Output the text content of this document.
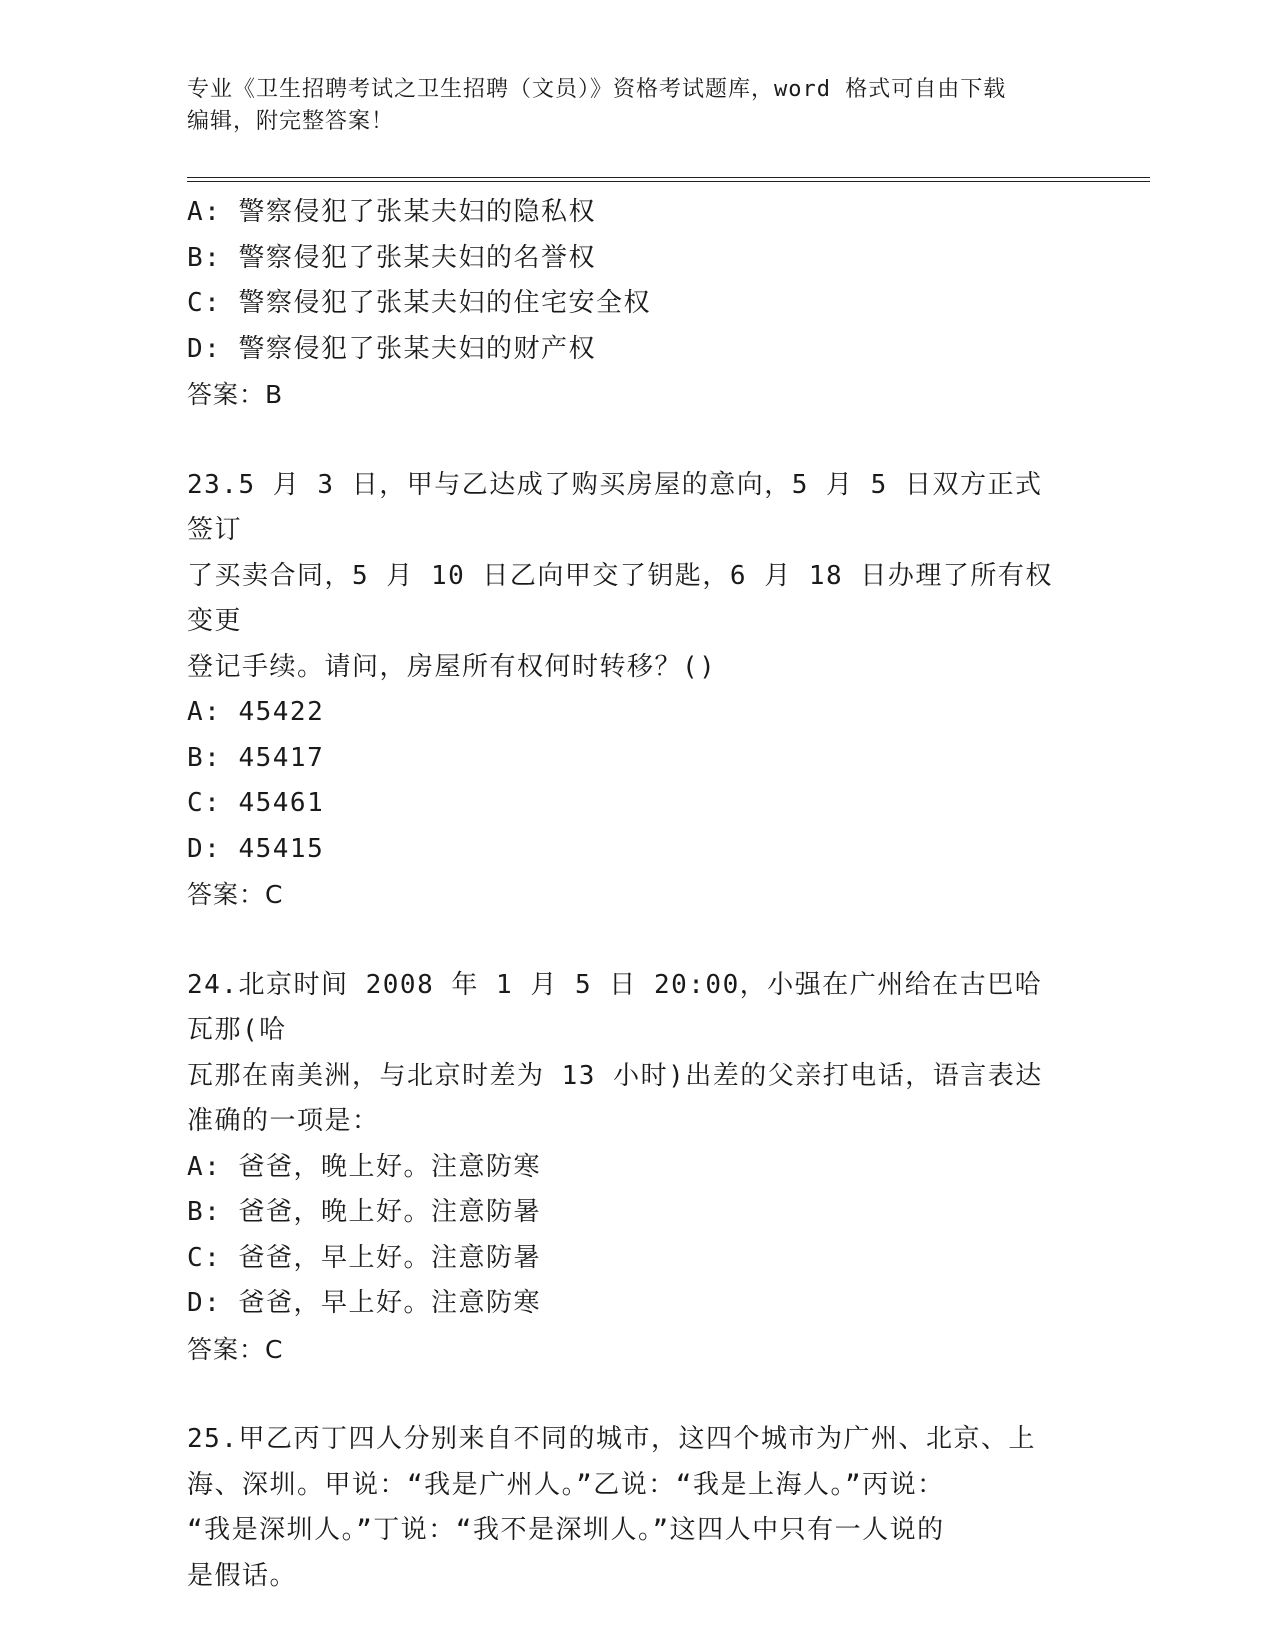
专业《卫生招聘考试之卫生招聘（文员）》资格考试题库，word 格式可自由下载
编辑，附完整答案！
A: 警察侵犯了张某夫妇的隐私权
B: 警察侵犯了张某夫妇的名誉权
C: 警察侵犯了张某夫妇的住宅安全权
D: 警察侵犯了张某夫妇的财产权
答案：B
23.5 月 3 日，甲与乙达成了购买房屋的意向，5 月 5 日双方正式签订
了买卖合同，5 月 10 日乙向甲交了钥匙，6 月 18 日办理了所有权变更
登记手续。请问，房屋所有权何时转移？()
A: 45422
B: 45417
C: 45461
D: 45415
答案：C
24.北京时间 2008 年 1 月 5 日 20:00，小强在广州给在古巴哈瓦那(哈
瓦那在南美洲，与北京时差为 13 小时)出差的父亲打电话，语言表达
准确的一项是：
A: 爸爸，晚上好。注意防寒
B: 爸爸，晚上好。注意防暑
C: 爸爸，早上好。注意防暑
D: 爸爸，早上好。注意防寒
答案：C
25.甲乙丙丁四人分别来自不同的城市，这四个城市为广州、北京、上
海、深圳。甲说：“我是广州人。”乙说：“我是上海人。”丙说：
“我是深圳人。”丁说：“我不是深圳人。”这四人中只有一人说的
是假话。
